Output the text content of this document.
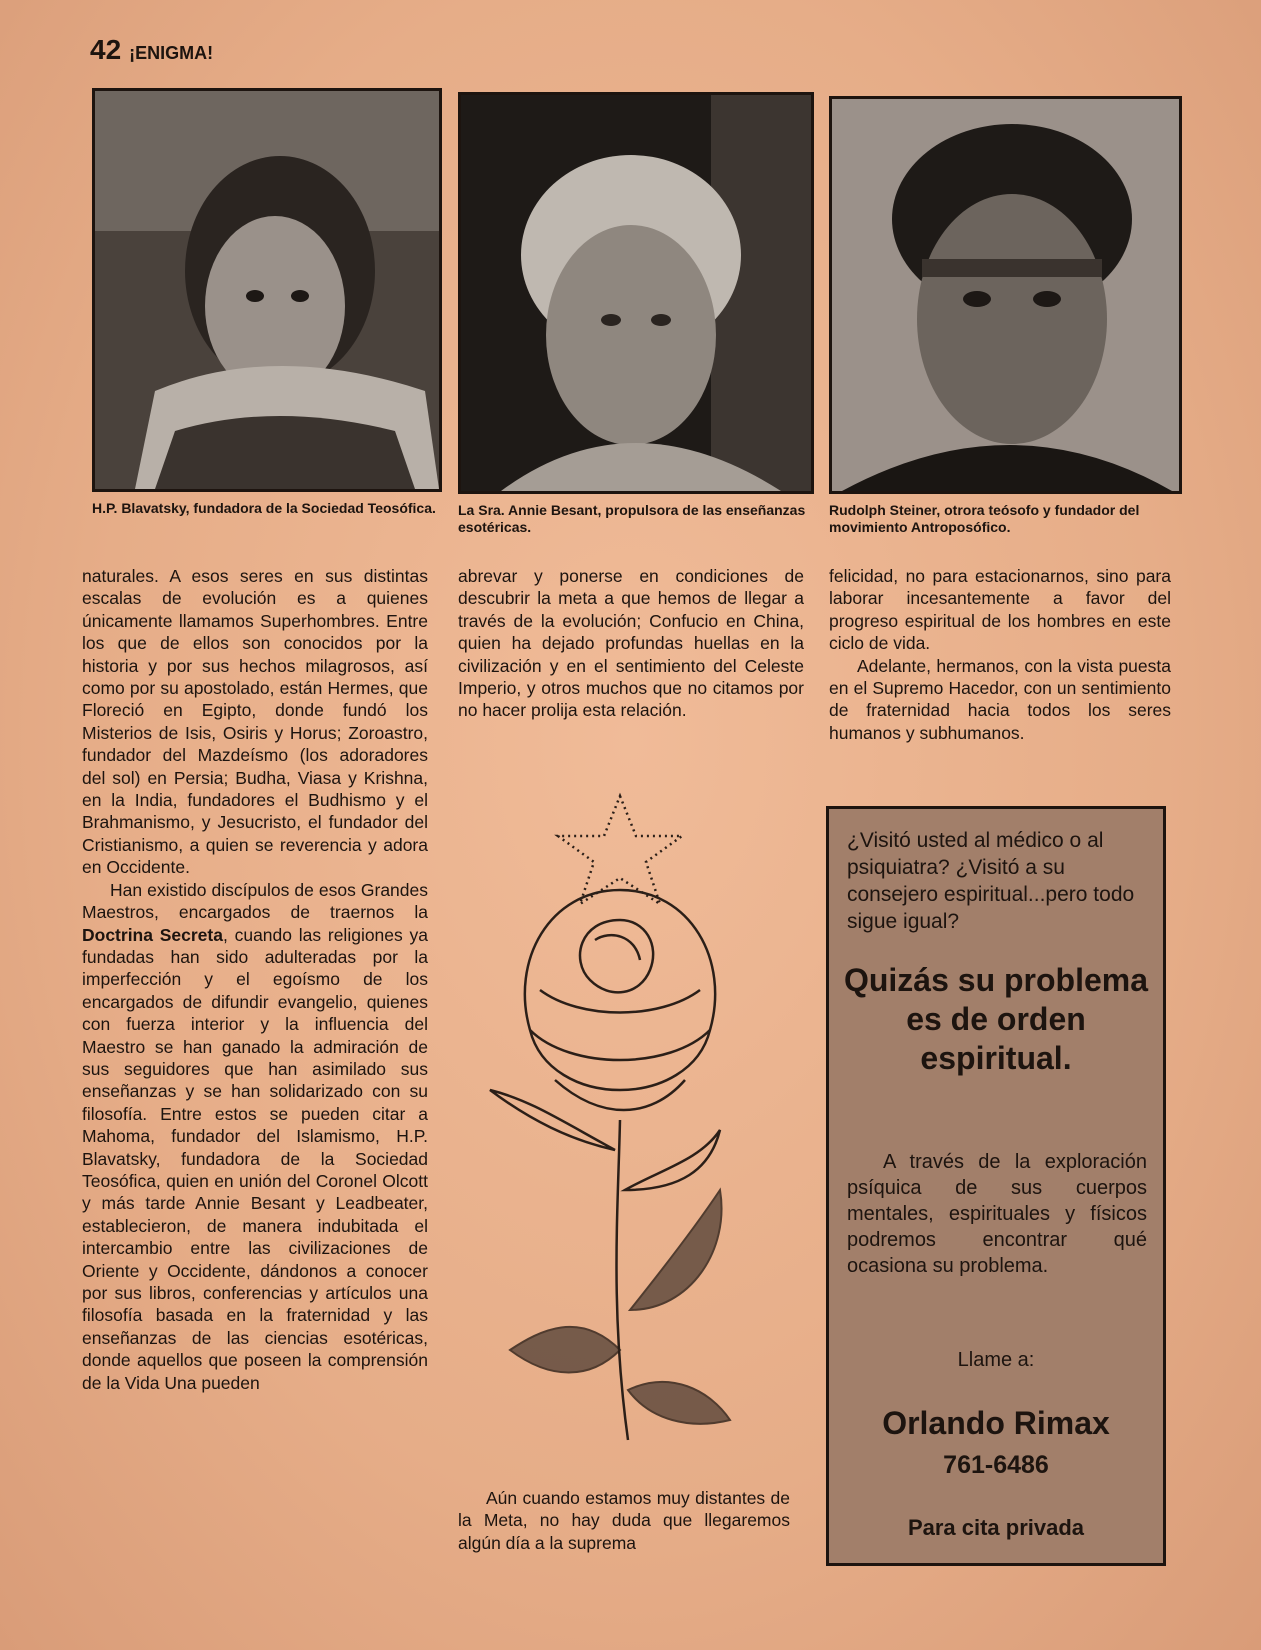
42 ¡ENIGMA!
H.P. Blavatsky, fundadora de la Sociedad Teosófica.	La Sra. Annie Besant, propulsora de las enseñanzas esotéricas.
Rudolph Steiner, otrora teósofo y fundador del movimiento Antroposófico.

naturales. A esos seres en sus distintas escalas de evolución es a quienes únicamente llamamos Superhombres. Entre los que de ellos son conocidos por la historia y por sus hechos milagrosos, así como por su apostolado, están Hermes, que Floreció en Egipto, donde fundó los Misterios de Isis, Osiris y Horus; Zoroastro, fundador del Mazdeísmo (los adoradores del sol) en Persia; Budha, Viasa y Krishna, en la India, fundadores el Budhismo y el Brahmanismo, y Jesucristo, el fundador del Cristianismo, a quien se reverencia y adora en Occidente.

Han existido discípulos de esos Grandes Maestros, encargados de traernos la Doctrina Secreta, cuando las religiones ya fundadas han sido adulteradas por la imperfección y el egoísmo de los encargados de difundir evangelio, quienes con fuerza interior y la influencia del Maestro se han ganado la admiración de sus seguidores que han asimilado sus enseñanzas y se han solidarizado con su filosofía. Entre estos se pueden citar a Mahoma, fundador del Islamismo, H.P. Blavatsky, fundadora de la Sociedad Teosófica, quien en unión del Coronel Olcott y más tarde Annie Besant y Leadbeater, establecieron, de manera indubitada el intercambio entre las civilizaciones de Oriente y Occidente, dándonos a conocer por sus libros, conferencias y artículos una filosofía basada en la fraternidad y las enseñanzas de las ciencias esotéricas, donde aquellos que poseen la comprensión de la Vida Una pueden

abrevar y ponerse en condiciones de descubrir la meta a que hemos de llegar a través de la evolución; Confucio en China, quien ha dejado profundas huellas en la civilización y en el sentimiento del Celeste Imperio, y otros muchos que no citamos por no hacer prolija esta relación.

Aún cuando estamos muy distantes de la Meta, no hay duda que llegaremos algún día a la suprema

felicidad, no para estacionarnos, sino para laborar incesantemente a favor del progreso espiritual de los hombres en este ciclo de vida.

Adelante, hermanos, con la vista puesta en el Supremo Hacedor, con un sentimiento de fraternidad hacia todos los seres humanos y subhumanos.

¿Visitó usted al médico o al psiquiatra? ¿Visitó a su consejero espiritual...pero todo sigue igual?
Quizás su problema es de orden espiritual.
A través de la exploración psíquica de sus cuerpos mentales, espirituales y físicos podremos encontrar qué ocasiona su problema.
Llame a:
Orlando Rimax
761-6486
Para cita privada
